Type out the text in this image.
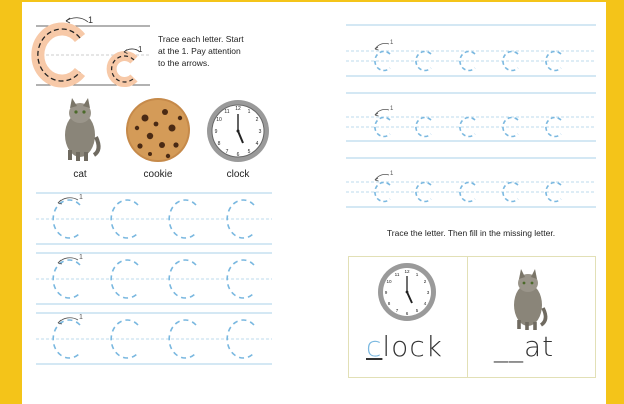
1
1
12 1
2
3
4
5
6
7
8
9
10
11
1
1
1
1
1
1
12
1
2
3
4
5
6
7
8
9
10
11
Trace each letter. Start
at the 1. Pay attention
to the arrows.
cat	cookie	clock
Trace the letter. Then fill in the missing letter.
clock __at
